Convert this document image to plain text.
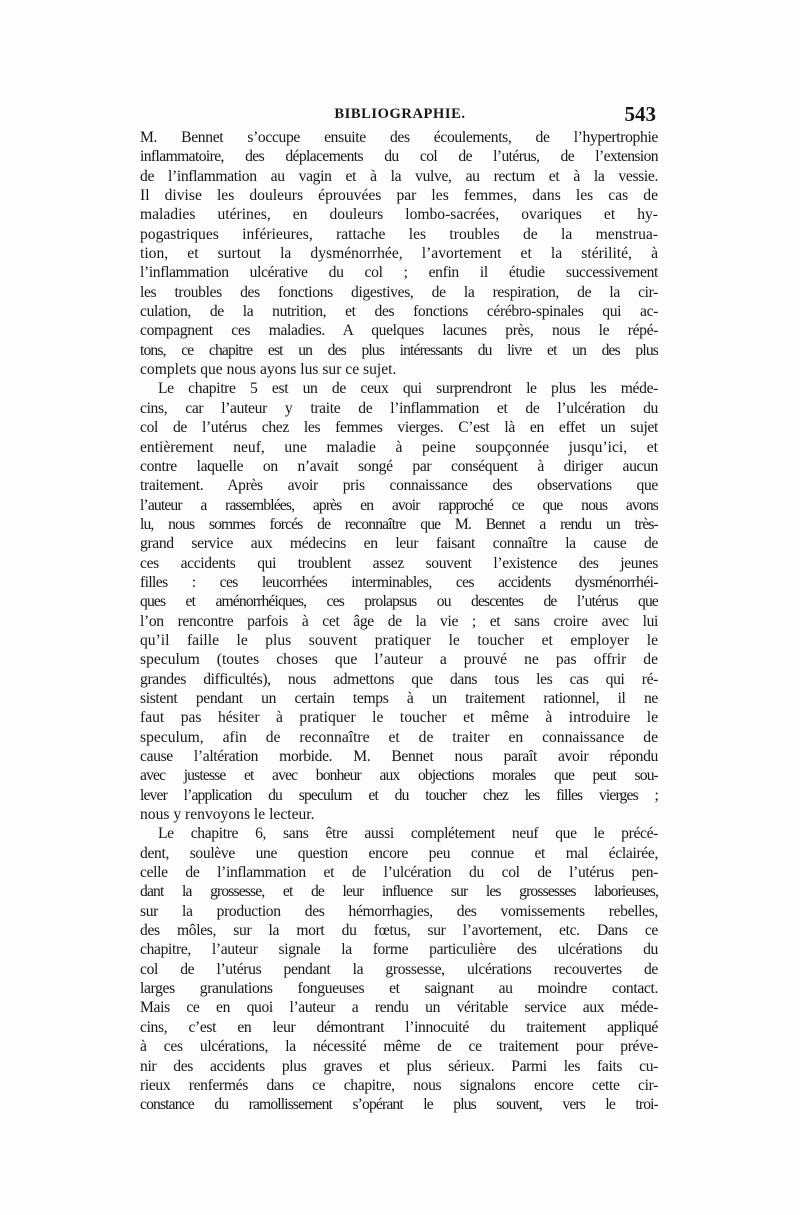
BIBLIOGRAPHIE.	543
M. Bennet s’occupe ensuite des écoulements, de l’hypertrophie
inflammatoire, des déplacements du col de l’utérus, de l’extension
de l’inflammation au vagin et à la vulve, au rectum et à la vessie.
Il divise les douleurs éprouvées par les femmes, dans les cas de
maladies utérines, en douleurs lombo-sacrées, ovariques et hy-
pogastriques inférieures, rattache les troubles de la menstrua-
tion, et surtout la dysménorrhée, l’avortement et la stérilité, à
l’inflammation ulcérative du col ; enfin il étudie successivement
les troubles des fonctions digestives, de la respiration, de la cir-
culation, de la nutrition, et des fonctions cérébro-spinales qui ac-
compagnent ces maladies. A quelques lacunes près, nous le répé-
tons, ce chapitre est un des plus intéressants du livre et un des plus
complets que nous ayons lus sur ce sujet.
Le chapitre 5 est un de ceux qui surprendront le plus les méde-
cins, car l’auteur y traite de l’inflammation et de l’ulcération du
col de l’utérus chez les femmes vierges. C’est là en effet un sujet
entièrement neuf, une maladie à peine soupçonnée jusqu’ici, et
contre laquelle on n’avait songé par conséquent à diriger aucun
traitement. Après avoir pris connaissance des observations que
l’auteur a rassemblées, après en avoir rapproché ce que nous avons
lu, nous sommes forcés de reconnaître que M. Bennet a rendu un très-
grand service aux médecins en leur faisant connaître la cause de
ces accidents qui troublent assez souvent l’existence des jeunes
filles : ces leucorrhées interminables, ces accidents dysménorrhéi-
ques et aménorrhéiques, ces prolapsus ou descentes de l’utérus que
l’on rencontre parfois à cet âge de la vie ; et sans croire avec lui
qu’il faille le plus souvent pratiquer le toucher et employer le
speculum (toutes choses que l’auteur a prouvé ne pas offrir de
grandes difficultés), nous admettons que dans tous les cas qui ré-
sistent pendant un certain temps à un traitement rationnel, il ne
faut pas hésiter à pratiquer le toucher et même à introduire le
speculum, afin de reconnaître et de traiter en connaissance de
cause l’altération morbide. M. Bennet nous paraît avoir répondu
avec justesse et avec bonheur aux objections morales que peut sou-
lever l’application du speculum et du toucher chez les filles vierges ;
nous y renvoyons le lecteur.
Le chapitre 6, sans être aussi complétement neuf que le précé-
dent, soulève une question encore peu connue et mal éclairée,
celle de l’inflammation et de l’ulcération du col de l’utérus pen-
dant la grossesse, et de leur influence sur les grossesses laborieuses,
sur la production des hémorrhagies, des vomissements rebelles,
des môles, sur la mort du fœtus, sur l’avortement, etc. Dans ce
chapitre, l’auteur signale la forme particulière des ulcérations du
col de l’utérus pendant la grossesse, ulcérations recouvertes de
larges granulations fongueuses et saignant au moindre contact.
Mais ce en quoi l’auteur a rendu un véritable service aux méde-
cins, c’est en leur démontrant l’innocuité du traitement appliqué
à ces ulcérations, la nécessité même de ce traitement pour préve-
nir des accidents plus graves et plus sérieux. Parmi les faits cu-
rieux renfermés dans ce chapitre, nous signalons encore cette cir-
constance du ramollissement s’opérant le plus souvent, vers le troi-
